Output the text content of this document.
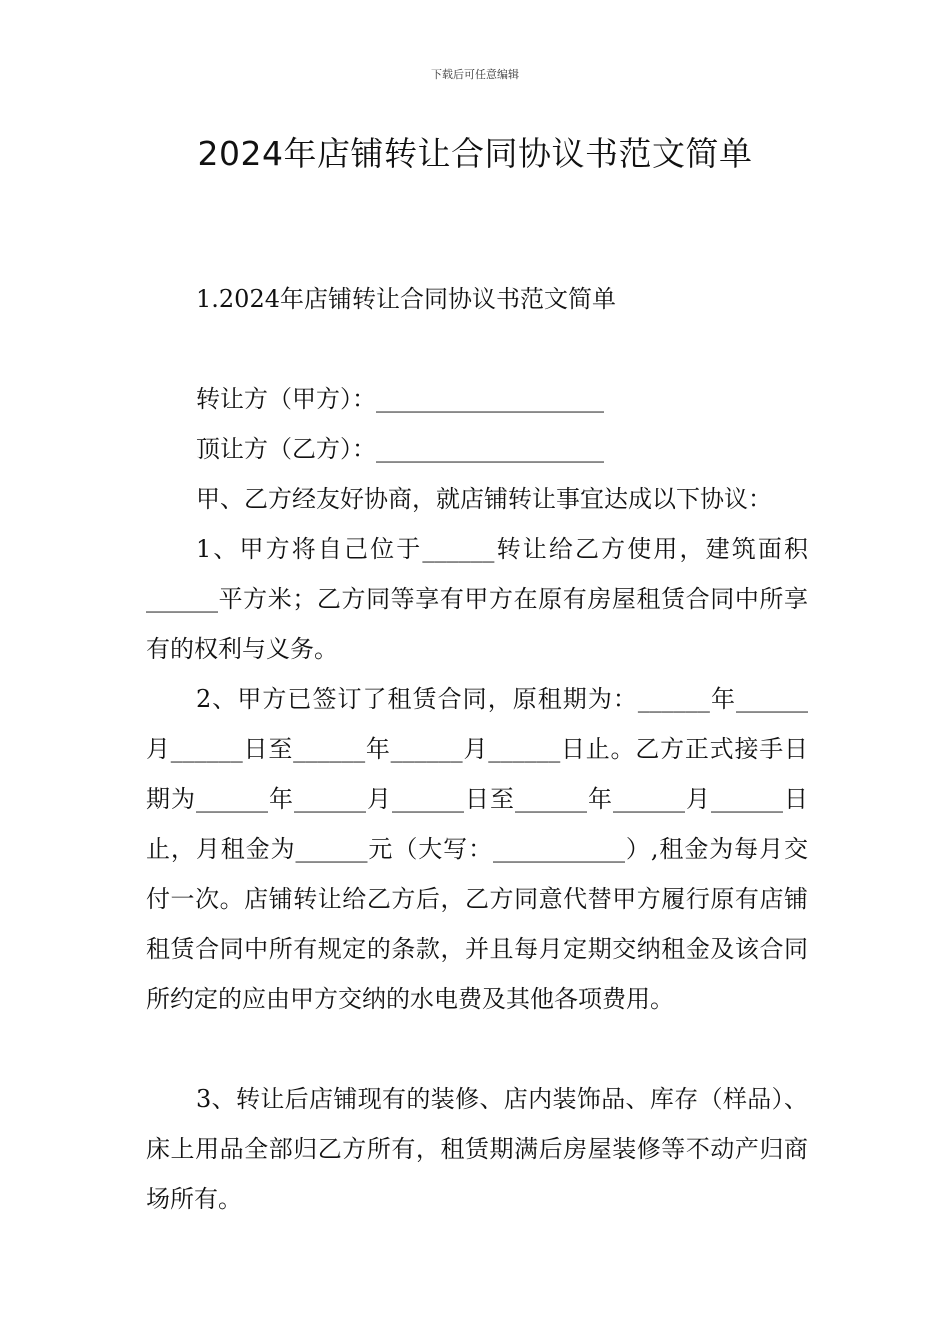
下载后可任意编辑
2024年店铺转让合同协议书范文简单
1.2024年店铺转让合同协议书范文简单
转让方（甲方）：___________________
顶让方（乙方）：___________________
甲、乙方经友好协商，就店铺转让事宜达成以下协议：
1、甲方将自己位于______转让给乙方使用，建筑面积______平方米；乙方同等享有甲方在原有房屋租赁合同中所享有的权利与义务。
2、甲方已签订了租赁合同，原租期为：______年______月______日至______年______月______日止。乙方正式接手日期为______年______月______日至______年______月______日止，月租金为______元（大写：___________）,租金为每月交付一次。店铺转让给乙方后，乙方同意代替甲方履行原有店铺租赁合同中所有规定的条款，并且每月定期交纳租金及该合同所约定的应由甲方交纳的水电费及其他各项费用。
3、转让后店铺现有的装修、店内装饰品、库存（样品）、床上用品全部归乙方所有，租赁期满后房屋装修等不动产归商场所有。
